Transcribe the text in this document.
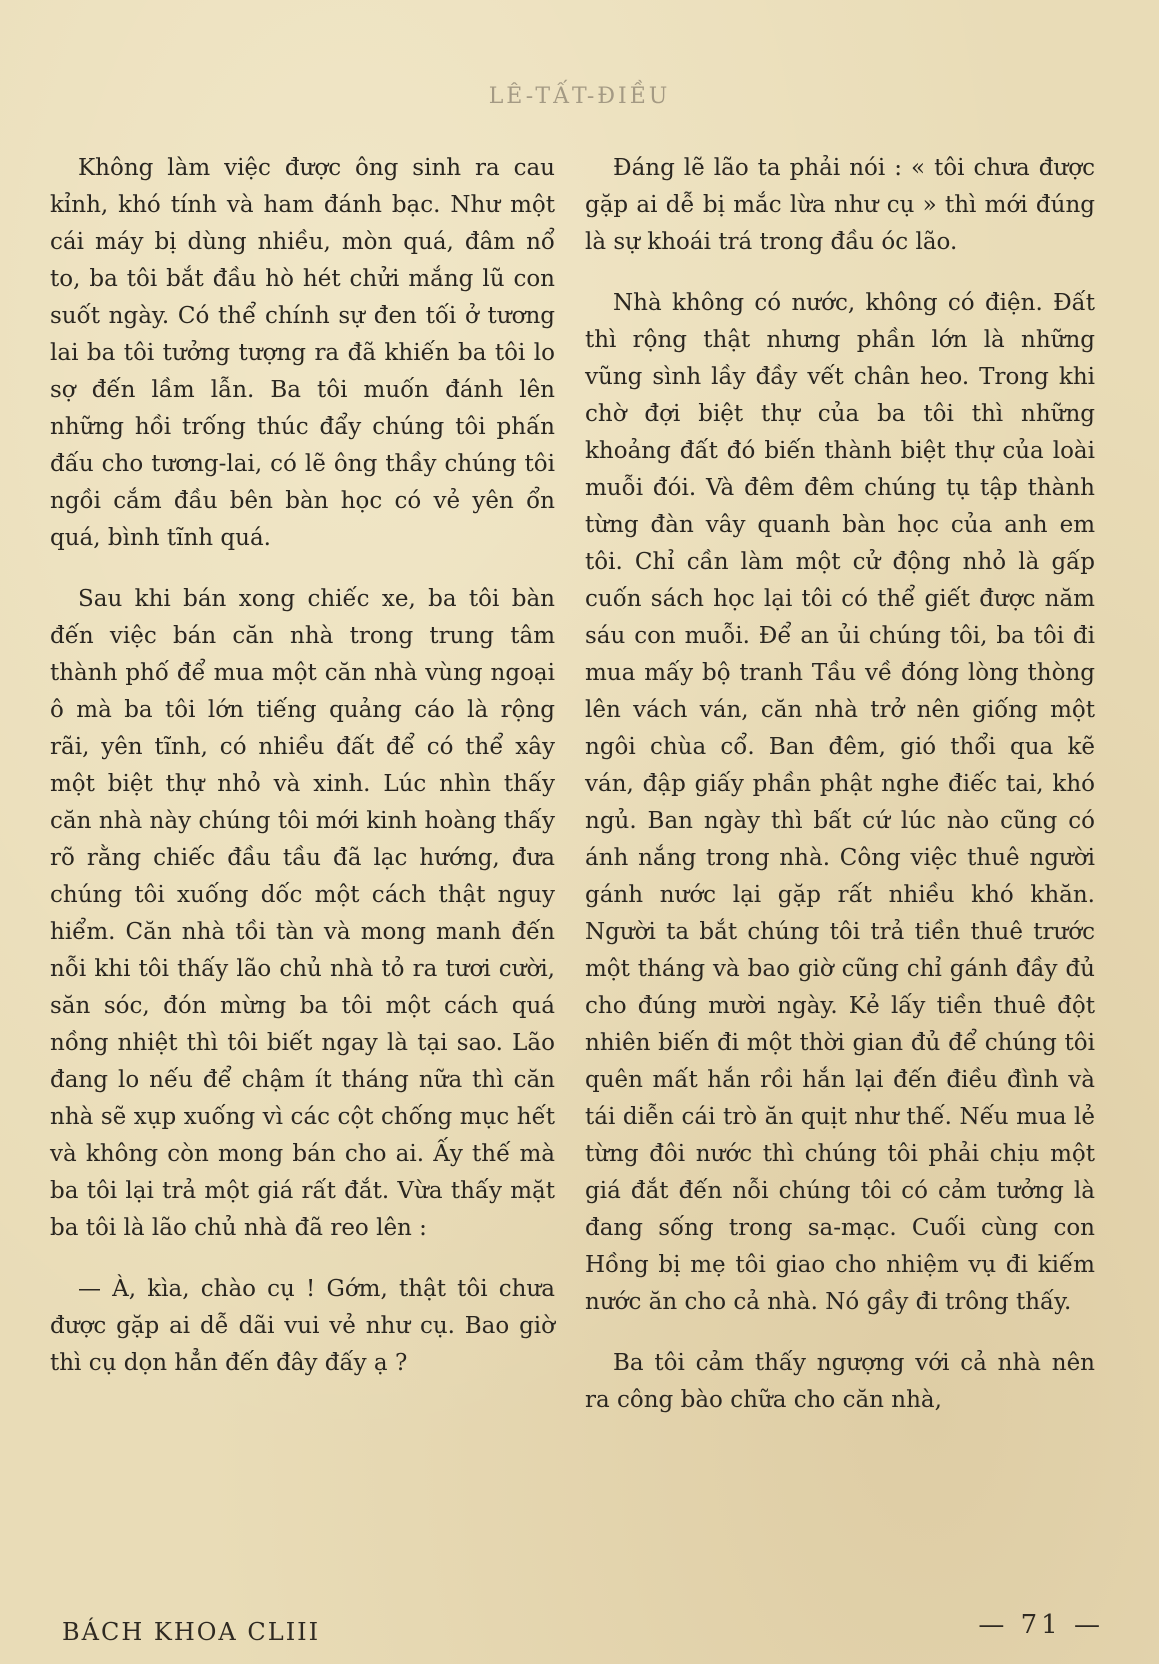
LÊ-TẤT-ĐIỀU

Không làm việc được ông sinh ra cau kỉnh, khó tính và ham đánh bạc. Như một cái máy bị dùng nhiều, mòn quá, đâm nổ to, ba tôi bắt đầu hò hét chửi mắng lũ con suốt ngày. Có thể chính sự đen tối ở tương lai ba tôi tưởng tượng ra đã khiến ba tôi lo sợ đến lầm lẫn. Ba tôi muốn đánh lên những hồi trống thúc đẩy chúng tôi phấn đấu cho tương-lai, có lẽ ông thầy chúng tôi ngồi cắm đầu bên bàn học có vẻ yên ổn quá, bình tĩnh quá.

Sau khi bán xong chiếc xe, ba tôi bàn đến việc bán căn nhà trong trung tâm thành phố để mua một căn nhà vùng ngoại ô mà ba tôi lớn tiếng quảng cáo là rộng rãi, yên tĩnh, có nhiều đất để có thể xây một biệt thự nhỏ và xinh. Lúc nhìn thấy căn nhà này chúng tôi mới kinh hoàng thấy rõ rằng chiếc đầu tầu đã lạc hướng, đưa chúng tôi xuống dốc một cách thật nguy hiểm. Căn nhà tồi tàn và mong manh đến nỗi khi tôi thấy lão chủ nhà tỏ ra tươi cười, săn sóc, đón mừng ba tôi một cách quá nồng nhiệt thì tôi biết ngay là tại sao. Lão đang lo nếu để chậm ít tháng nữa thì căn nhà sẽ xụp xuống vì các cột chống mục hết và không còn mong bán cho ai. Ấy thế mà ba tôi lại trả một giá rất đắt. Vừa thấy mặt ba tôi là lão chủ nhà đã reo lên :

— À, kìa, chào cụ ! Gớm, thật tôi chưa được gặp ai dễ dãi vui vẻ như cụ. Bao giờ thì cụ dọn hẳn đến đây đấy ạ ?

Đáng lẽ lão ta phải nói : « tôi chưa được gặp ai dễ bị mắc lừa như cụ » thì mới đúng là sự khoái trá trong đầu óc lão.

Nhà không có nước, không có điện. Đất thì rộng thật nhưng phần lớn là những vũng sình lầy đầy vết chân heo. Trong khi chờ đợi biệt thự của ba tôi thì những khoảng đất đó biến thành biệt thự của loài muỗi đói. Và đêm đêm chúng tụ tập thành từng đàn vây quanh bàn học của anh em tôi. Chỉ cần làm một cử động nhỏ là gấp cuốn sách học lại tôi có thể giết được năm sáu con muỗi. Để an ủi chúng tôi, ba tôi đi mua mấy bộ tranh Tầu về đóng lòng thòng lên vách ván, căn nhà trở nên giống một ngôi chùa cổ. Ban đêm, gió thổi qua kẽ ván, đập giấy phần phật nghe điếc tai, khó ngủ. Ban ngày thì bất cứ lúc nào cũng có ánh nắng trong nhà. Công việc thuê người gánh nước lại gặp rất nhiều khó khăn. Người ta bắt chúng tôi trả tiền thuê trước một tháng và bao giờ cũng chỉ gánh đầy đủ cho đúng mười ngày. Kẻ lấy tiền thuê đột nhiên biến đi một thời gian đủ để chúng tôi quên mất hắn rồi hắn lại đến điều đình và tái diễn cái trò ăn quịt như thế. Nếu mua lẻ từng đôi nước thì chúng tôi phải chịu một giá đắt đến nỗi chúng tôi có cảm tưởng là đang sống trong sa-mạc. Cuối cùng con Hồng bị mẹ tôi giao cho nhiệm vụ đi kiếm nước ăn cho cả nhà. Nó gầy đi trông thấy.

Ba tôi cảm thấy ngượng với cả nhà nên ra công bào chữa cho căn nhà,

BÁCH KHOA CLIII	— 71 —
